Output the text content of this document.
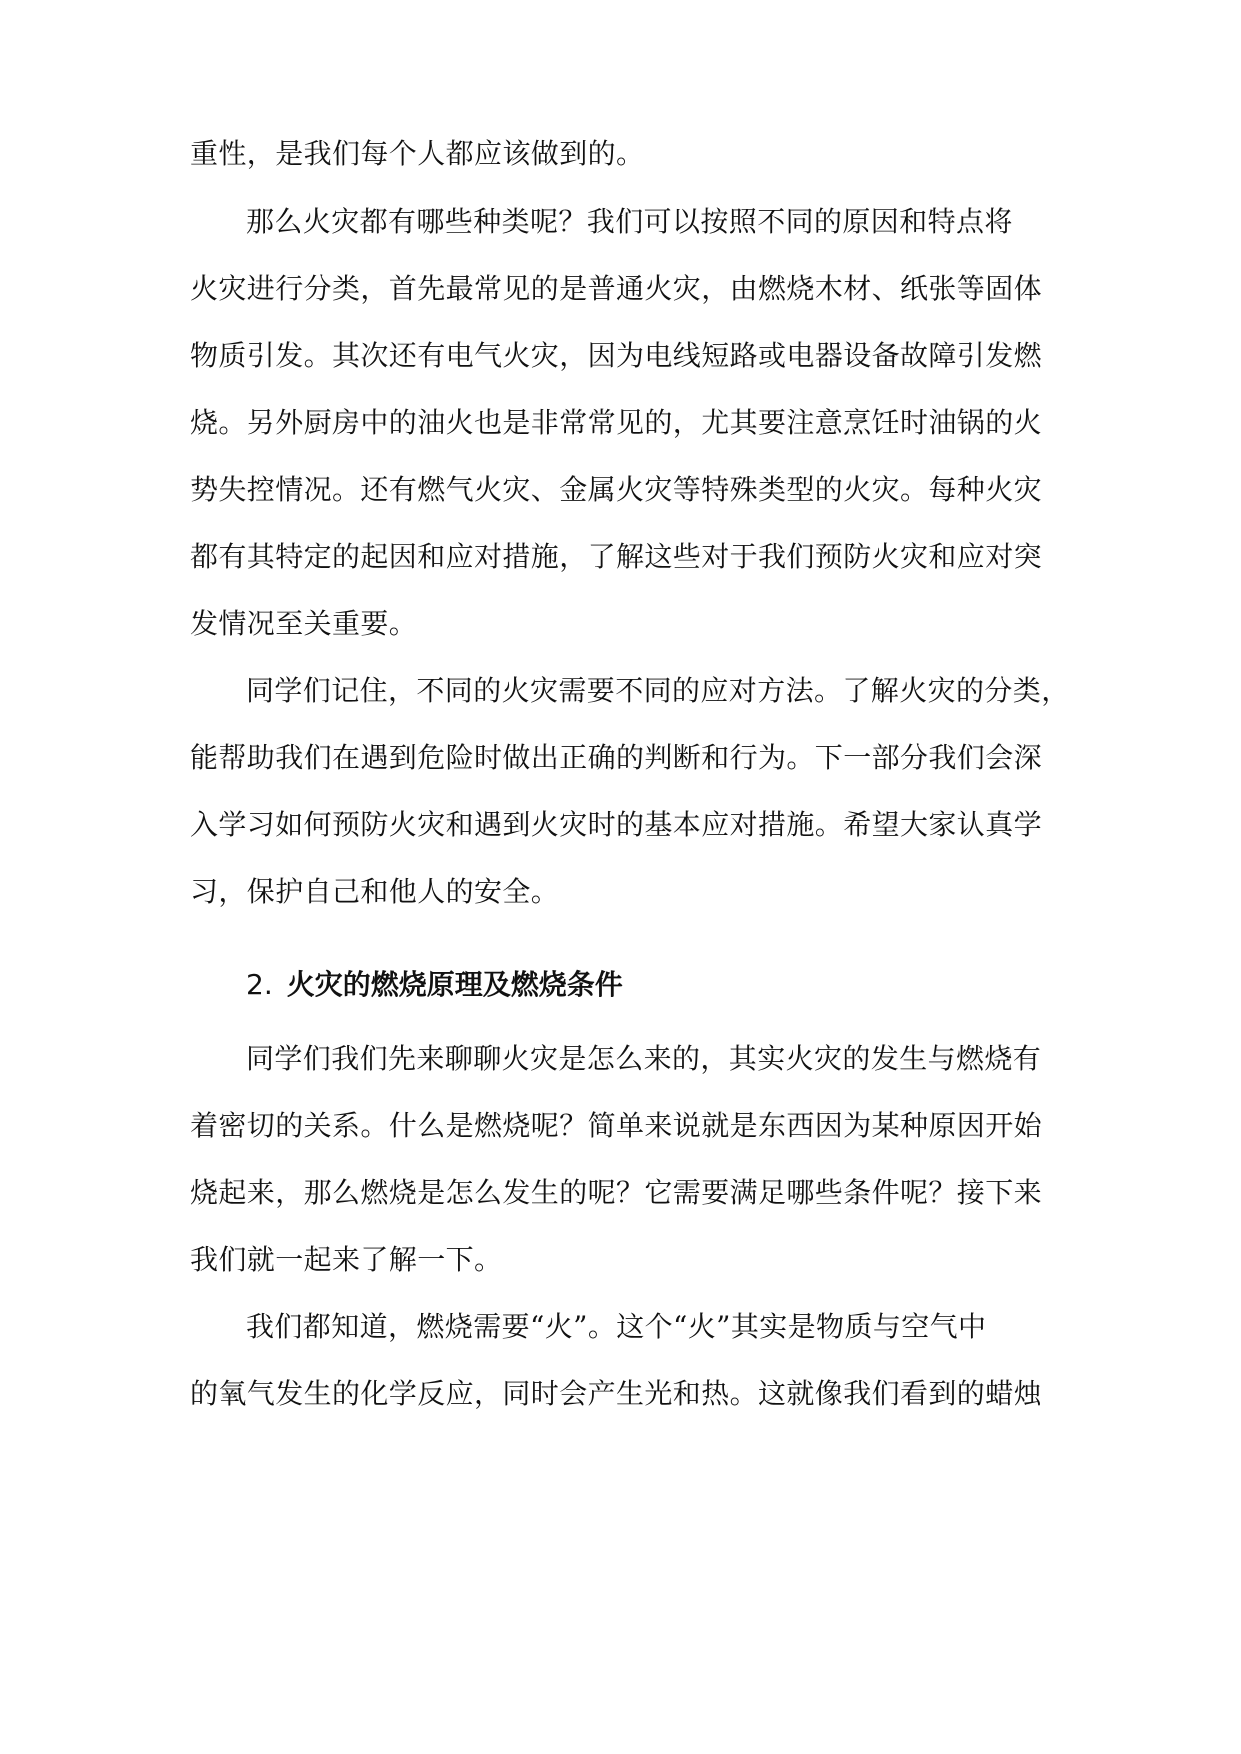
重性，是我们每个人都应该做到的。
那么火灾都有哪些种类呢？我们可以按照不同的原因和特点将
火灾进行分类，首先最常见的是普通火灾，由燃烧木材、纸张等固体
物质引发。其次还有电气火灾，因为电线短路或电器设备故障引发燃
烧。另外厨房中的油火也是非常常见的，尤其要注意烹饪时油锅的火
势失控情况。还有燃气火灾、金属火灾等特殊类型的火灾。每种火灾
都有其特定的起因和应对措施，了解这些对于我们预防火灾和应对突
发情况至关重要。
同学们记住，不同的火灾需要不同的应对方法。了解火灾的分类，
能帮助我们在遇到危险时做出正确的判断和行为。下一部分我们会深
入学习如何预防火灾和遇到火灾时的基本应对措施。希望大家认真学
习，保护自己和他人的安全。
2. 火灾的燃烧原理及燃烧条件
同学们我们先来聊聊火灾是怎么来的，其实火灾的发生与燃烧有
着密切的关系。什么是燃烧呢？简单来说就是东西因为某种原因开始
烧起来，那么燃烧是怎么发生的呢？它需要满足哪些条件呢？接下来
我们就一起来了解一下。
我们都知道，燃烧需要“火”。这个“火”其实是物质与空气中
的氧气发生的化学反应，同时会产生光和热。这就像我们看到的蜡烛
